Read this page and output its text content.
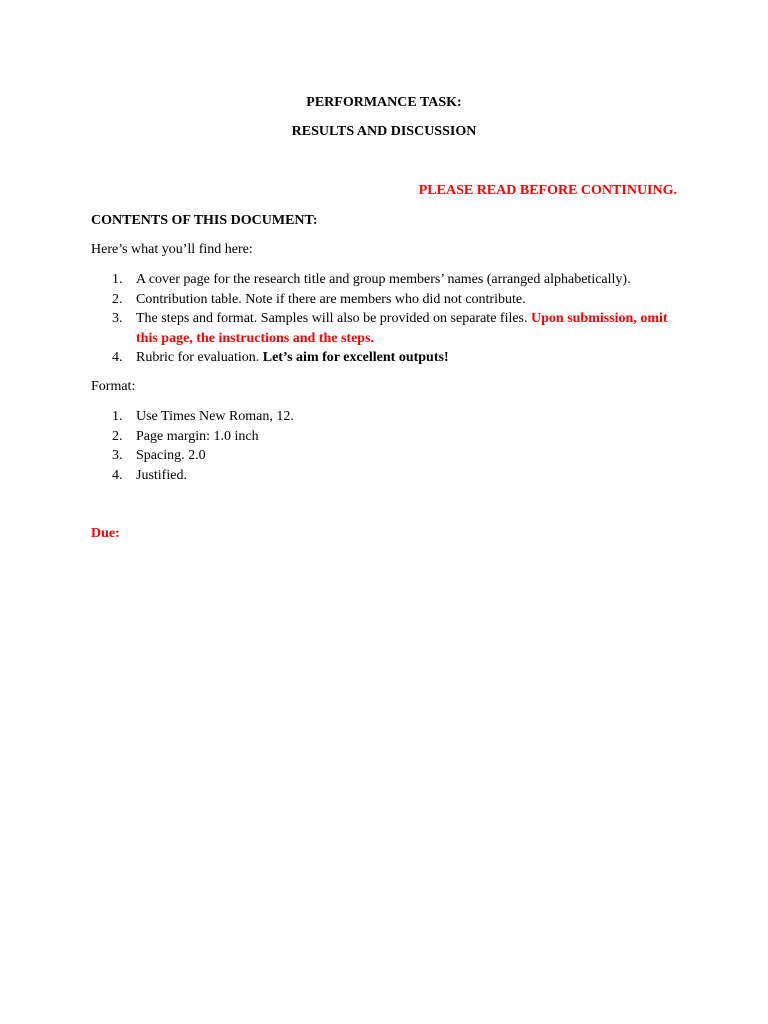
PERFORMANCE TASK:
RESULTS AND DISCUSSION
PLEASE READ BEFORE CONTINUING.
CONTENTS OF THIS DOCUMENT:
Here’s what you’ll find here:
1. A cover page for the research title and group members’ names (arranged alphabetically).
2. Contribution table. Note if there are members who did not contribute.
3. The steps and format. Samples will also be provided on separate files. Upon submission, omit this page, the instructions and the steps.
4. Rubric for evaluation. Let’s aim for excellent outputs!
Format:
1. Use Times New Roman, 12.
2. Page margin: 1.0 inch
3. Spacing. 2.0
4. Justified.
Due:
